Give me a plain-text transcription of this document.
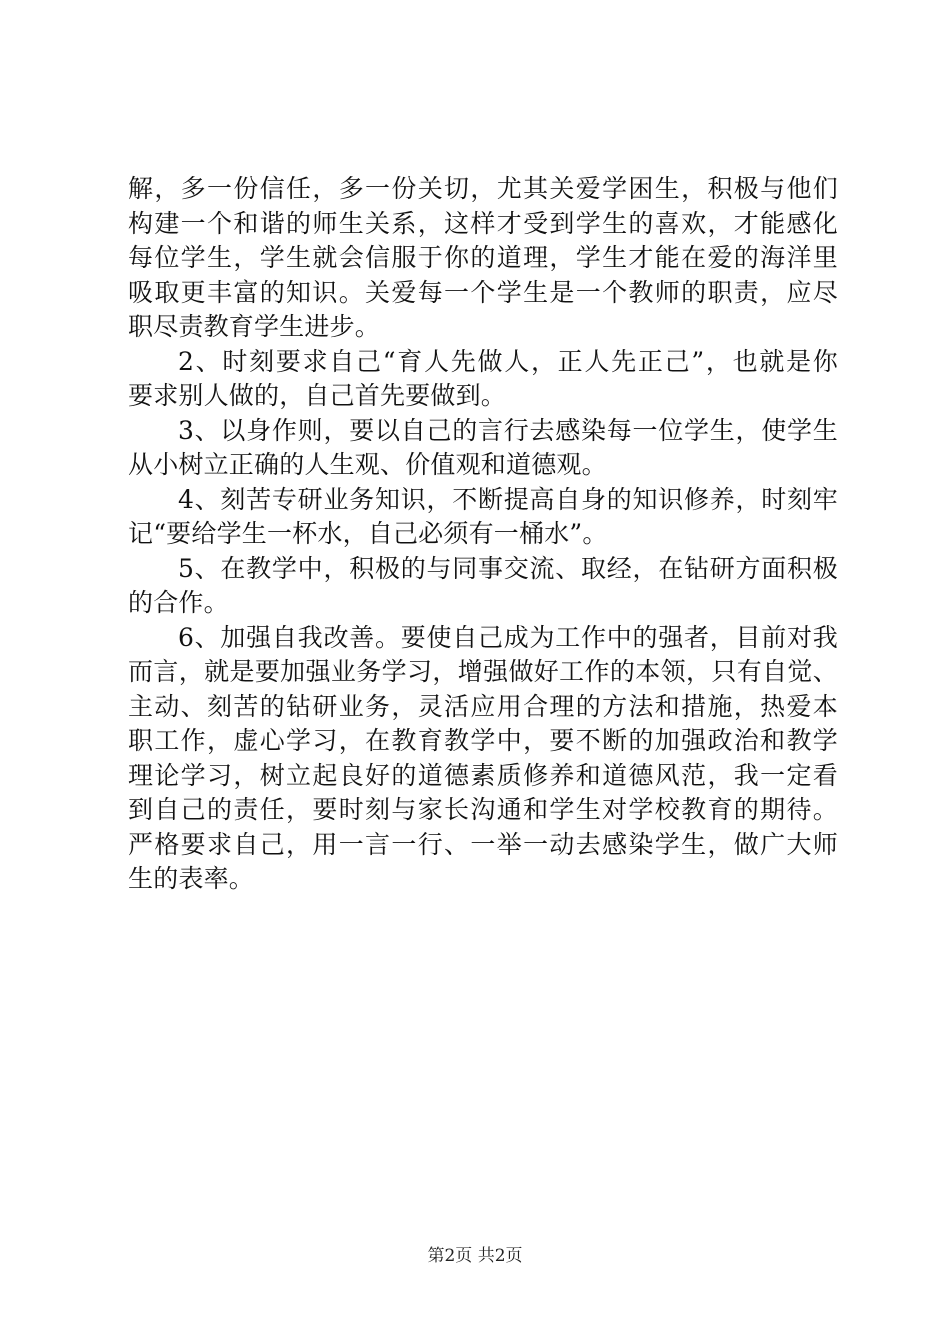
解，多一份信任，多一份关切，尤其关爱学困生，积极与他们
构建一个和谐的师生关系，这样才受到学生的喜欢，才能感化
每位学生，学生就会信服于你的道理，学生才能在爱的海洋里
吸取更丰富的知识。关爱每一个学生是一个教师的职责，应尽
职尽责教育学生进步。
2、时刻要求自己“育人先做人，正人先正己”，也就是你
要求别人做的，自己首先要做到。
3、以身作则，要以自己的言行去感染每一位学生，使学生
从小树立正确的人生观、价值观和道德观。
4、刻苦专研业务知识，不断提高自身的知识修养，时刻牢
记“要给学生一杯水，自己必须有一桶水”。
5、在教学中，积极的与同事交流、取经，在钻研方面积极
的合作。
6、加强自我改善。要使自己成为工作中的强者，目前对我
而言，就是要加强业务学习，增强做好工作的本领，只有自觉、
主动、刻苦的钻研业务，灵活应用合理的方法和措施，热爱本
职工作，虚心学习，在教育教学中，要不断的加强政治和教学
理论学习，树立起良好的道德素质修养和道德风范，我一定看
到自己的责任，要时刻与家长沟通和学生对学校教育的期待。
严格要求自己，用一言一行、一举一动去感染学生，做广大师
生的表率。
第2页 共2页
